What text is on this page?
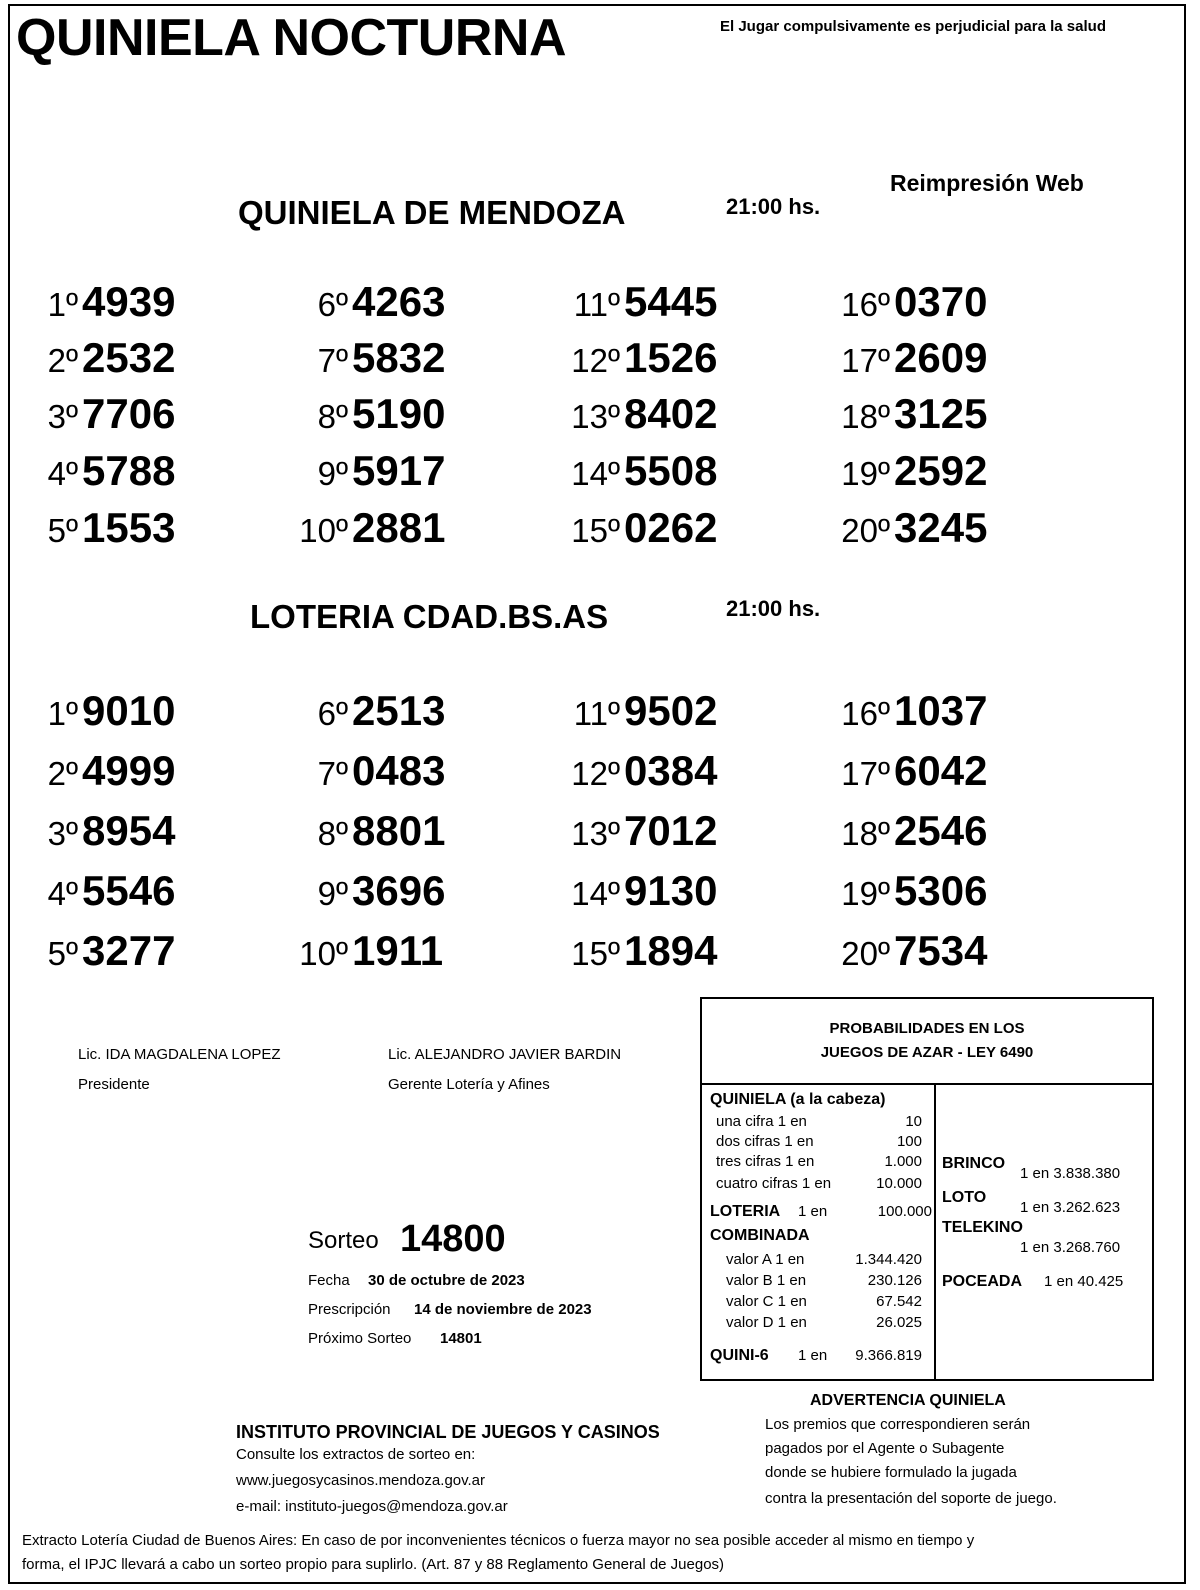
QUINIELA NOCTURNA	El Jugar compulsivamente es perjudicial para la salud
Reimpresión Web
QUINIELA DE MENDOZA	21:00 hs.
1º 4939
2º 2532
3º 7706
4º 5788
5º 1553
6º 4263
7º 5832
8º 5190
9º 5917
10º 2881
11º 5445
12º 1526
13º 8402
14º 5508
15º 0262
16º 0370
17º 2609
18º 3125
19º 2592
20º 3245
LOTERIA CDAD.BS.AS	21:00 hs.
1º 9010
2º 4999
3º 8954
4º 5546
5º 3277
6º 2513
7º 0483
8º 8801
9º 3696
10º 1911
11º 9502
12º 0384
13º 7012
14º 9130
15º 1894
16º 1037
17º 6042
18º 2546
19º 5306
20º 7534
Lic. IDA MAGDALENA LOPEZ
Presidente
Lic. ALEJANDRO JAVIER BARDIN
Gerente Lotería y Afines
PROBABILIDADES EN LOS
JUEGOS DE AZAR - LEY 6490
QUINIELA (a la cabeza)
una cifra 1 en	10
dos cifras 1 en	100
tres cifras 1 en	1.000
cuatro cifras 1 en	10.000
LOTERIA 1 en	100.000
COMBINADA
valor A 1 en	1.344.420
valor B 1 en	230.126
valor C 1 en	67.542
valor D 1 en	26.025
QUINI-6 1 en	9.366.819
BRINCO
1 en 3.838.380
LOTO
1 en 3.262.623
TELEKINO
1 en 3.268.760
POCEADA 1 en 40.425
Sorteo 14800
Fecha 30 de octubre de 2023
Prescripción 14 de noviembre de 2023
Próximo Sorteo 14801
ADVERTENCIA QUINIELA
Los premios que correspondieren serán
pagados por el Agente o Subagente
donde se hubiere formulado la jugada
contra la presentación del soporte de juego.
INSTITUTO PROVINCIAL DE JUEGOS Y CASINOS
Consulte los extractos de sorteo en:
www.juegosycasinos.mendoza.gov.ar
e-mail: instituto-juegos@mendoza.gov.ar
Extracto Lotería Ciudad de Buenos Aires: En caso de por inconvenientes técnicos o fuerza mayor no sea posible acceder al mismo en tiempo y
forma, el IPJC llevará a cabo un sorteo propio para suplirlo. (Art. 87 y 88 Reglamento General de Juegos)
